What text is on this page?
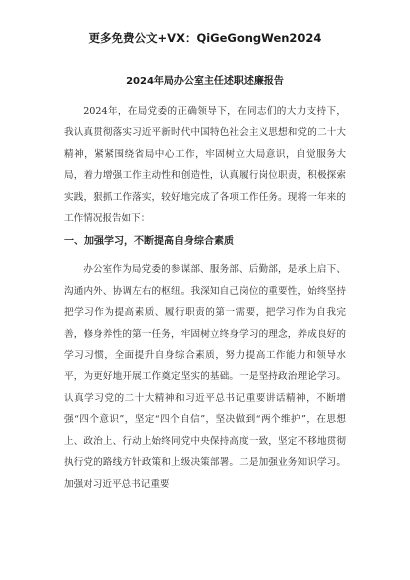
更多免费公文+VX：QiGeGongWen2024
2024年局办公室主任述职述廉报告

2024年，在局党委的正确领导下，在同志们的大力支持下，我认真贯彻落实习近平新时代中国特色社会主义思想和党的二十大精神，紧紧围绕省局中心工作，牢固树立大局意识，自觉服务大局，着力增强工作主动性和创造性，认真履行岗位职责，积极探索实践，狠抓工作落实，较好地完成了各项工作任务。现将一年来的工作情况报告如下：

一、加强学习，不断提高自身综合素质

办公室作为局党委的参谋部、服务部、后勤部，是承上启下、沟通内外、协调左右的枢纽。我深知自己岗位的重要性，始终坚持把学习作为提高素质、履行职责的第一需要，把学习作为自我完善，修身养性的第一任务，牢固树立终身学习的理念，养成良好的学习习惯，全面提升自身综合素质，努力提高工作能力和领导水平，为更好地开展工作奠定坚实的基础。一是坚持政治理论学习。认真学习党的二十大精神和习近平总书记重要讲话精神，不断增强“四个意识”，坚定“四个自信”，坚决做到“两个维护”，在思想上、政治上、行动上始终同党中央保持高度一致，坚定不移地贯彻执行党的路线方针政策和上级决策部署。二是加强业务知识学习。加强对习近平总书记重要
